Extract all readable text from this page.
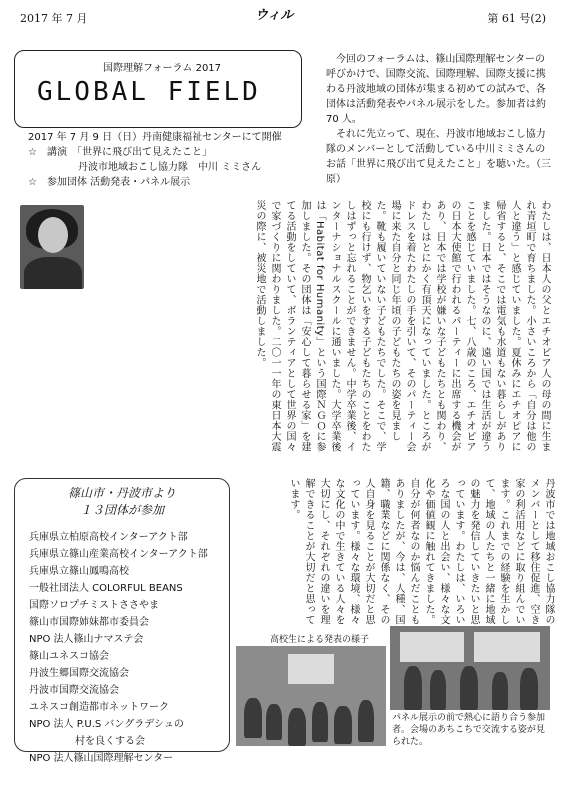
2017 年 7 月	ウィル	第 61 号(2)
国際理解フォーラム 2017
GLOBAL FIELD
2017 年 7 月 9 日（日）丹南健康福祉センターにて開催
☆　講演　「世界に飛び出て見えたこと」
丹波市地域おこし協力隊　中川 ミミさん
☆　参加団体 活動発表・パネル展示

今回のフォーラムは、篠山国際理解センターの呼びかけで、国際交流、国際理解、国際支援に携わる丹波地域の団体が集まる初めての試みで、各団体は活動発表やパネル展示をした。参加者は約 70 人。

それに先立って、現在、丹波市地域おこし協力隊のメンバーとして活動している中川ミミさんのお話「世界に飛び出て見えたこと」を聴いた。（三原）

わたしは、日本人の父とエチオピア人の母の間に生まれ青垣町で育ちました。小さいころから「自分は他の人と違う」と感じていました。夏休みにエチオピアに帰省すると、そこでは電気も水道もない暮らしがありました。日本ではそうなのに、遠い国では生活が違うことを感じていました。七、八歳のころ、エチオピアの日本大使館で行われるパーティーに出席する機会があり、日本では学校が嫌いな子どもたちとも関わり、わたしはとにかく有頂天になっていました。ところがドレスを着たわたしの手を引いて、そのパーティー会場に来た自分と同じ年頃の子どもたちの姿を見ました。靴も履いていない子どもたちでした。そこで、学校にも行けず、物乞いをする子どもたちのことをわたしはずっと忘れることができません。中学卒業後、インターナショナルスクールに通いました。大学卒業後は「Habitat for Humanity」という国際ＮＧＯに参加しました。その団体は「安心して暮らせる家」を建てる活動をしていて、ボランティアとして世界の国々で家づくりに関わりました。二〇一一年の東日本大震災の際に、被災地で活動しました。
丹波市では地域おこし協力隊のメンバーとして移住促進、空き家の利活用などに取り組んでいます。これまでの経験を生かして、地域の人たちと一緒に地域の魅力を発信していきたいと思っています。わたしは、いろいろな国の人と出会い、様々な文化や価値観に触れてきました。自分が何者なのか悩んだこともありましたが、今は、人種、国籍、職業などに関係なく、その人自身を見ることが大切だと思っています。様々な環境、様々な文化の中で生きている人々を大切にし、それぞれの違いを理解できることが大切だと思っています。
篠山市・丹波市より
１３団体が参加
兵庫県立柏原高校インターアクト部
兵庫県立篠山産業高校インターアクト部
兵庫県立篠山鳳鳴高校
一般社団法人 COLORFUL BEANS
国際ソロプチミストささやま
篠山市国際姉妹都市委員会
NPO 法人篠山ナマステ会
篠山ユネスコ協会
丹波生郷国際交流協会
丹波市国際交流協会
ユネスコ創造都市ネットワーク
NPO 法人 P.U.S バングラデシュの
村を良くする会
NPO 法人篠山国際理解センター
高校生による発表の様子
パネル展示の前で熱心に語り合う参加者。会場のあちこちで交流する姿が見られた。
